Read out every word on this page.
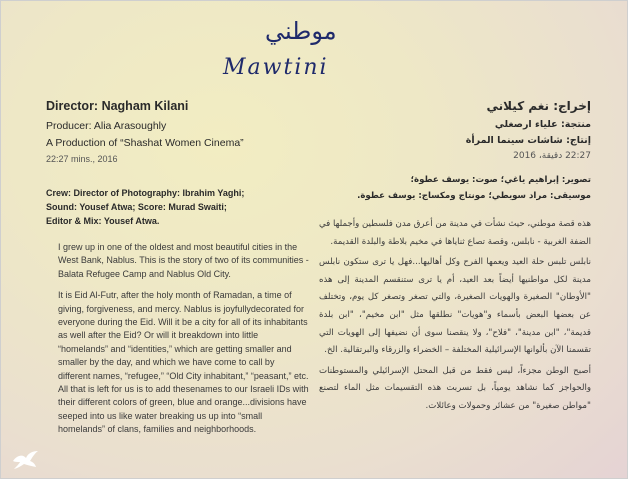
موطني
Mawtini
Director: Nagham Kilani
Producer: Alia Arasoughly
A Production of “Shashat Women Cinema”
22:27 mins., 2016
Crew: Director of Photography: Ibrahim Yaghi;
Sound: Yousef Atwa; Score: Murad Swaiti;
Editor & Mix: Yousef Atwa.

I grew up in one of the oldest and most beautiful cities in the West Bank, Nablus. This is the story of two of its communities -Balata Refugee Camp and Nablus Old City.

It is Eid Al-Futr, after the holy month of Ramadan, a time of giving, forgiveness, and mercy. Nablus is joyfullydecorated for everyone during the Eid. Will it be a city for all of its inhabitants as well after the Eid? Or will it breakdown into little “homelands” and “identities,” which are getting smaller and smaller by the day, and which we have come to call by different names, “refugee,” “Old City inhabitant,” “peasant,” etc. All that is left for us is to add thesenames to our Israeli IDs with their different colors of green, blue and orange...divisions have seeped into us like water breaking us up into “small homelands” of clans, families and neighborhoods.

إخراج: نغم كيلاني
منتجة: علياء ارصغلي
إنتاج: شاشات سينما المرأة
22:27 دقيقة، 2016
تصوير: إبراهيم ياغي؛ صوت: يوسف عطوة؛
موسيقى: مراد سويطي؛ مونتاج ومكساج: يوسف عطوة.

هذه قصة موطني، حيث نشأت في مدينة من أعرق مدن فلسطين وأجملها في الضفة الغربية - نابلس، وقصة تصاع ثناياها في مخيم بلاطة والبلدة القديمة.

نابلس تلبس حلة العيد ويعمها الفرح وكل أهاليها...فهل يا ترى ستكون نابلس مدينة لكل مواطنيها أيضاً بعد العيد، أم يا ترى ستنقسم المدينة إلى هذه "الأوطان" الصغيرة والهويات الصغيرة، والتي تصغر وتصغر كل يوم، وتختلف عن بعضها البعض بأسماء و"هويات" نطلقها مثل "ابن مخيم"، "ابن بلدة قديمة"، "ابن مدينة"، "فلاح"، ولا ينقصنا سوى أن نضيفها إلى الهويات التي تقسمنا الآن بألوانها الإسرائيلية المختلفة – الخضراء والزرقاء والبرتقالية. الخ.

أصبح الوطن مجزءاً، ليس فقط من قبل المحتل الإسرائيلي والمستوطنات والحواجز كما نشاهد يومياً، بل تسربت هذه التقسيمات مثل الماء لتصنع "مواطن صغيرة" من عشائر وحمولات وعائلات.
